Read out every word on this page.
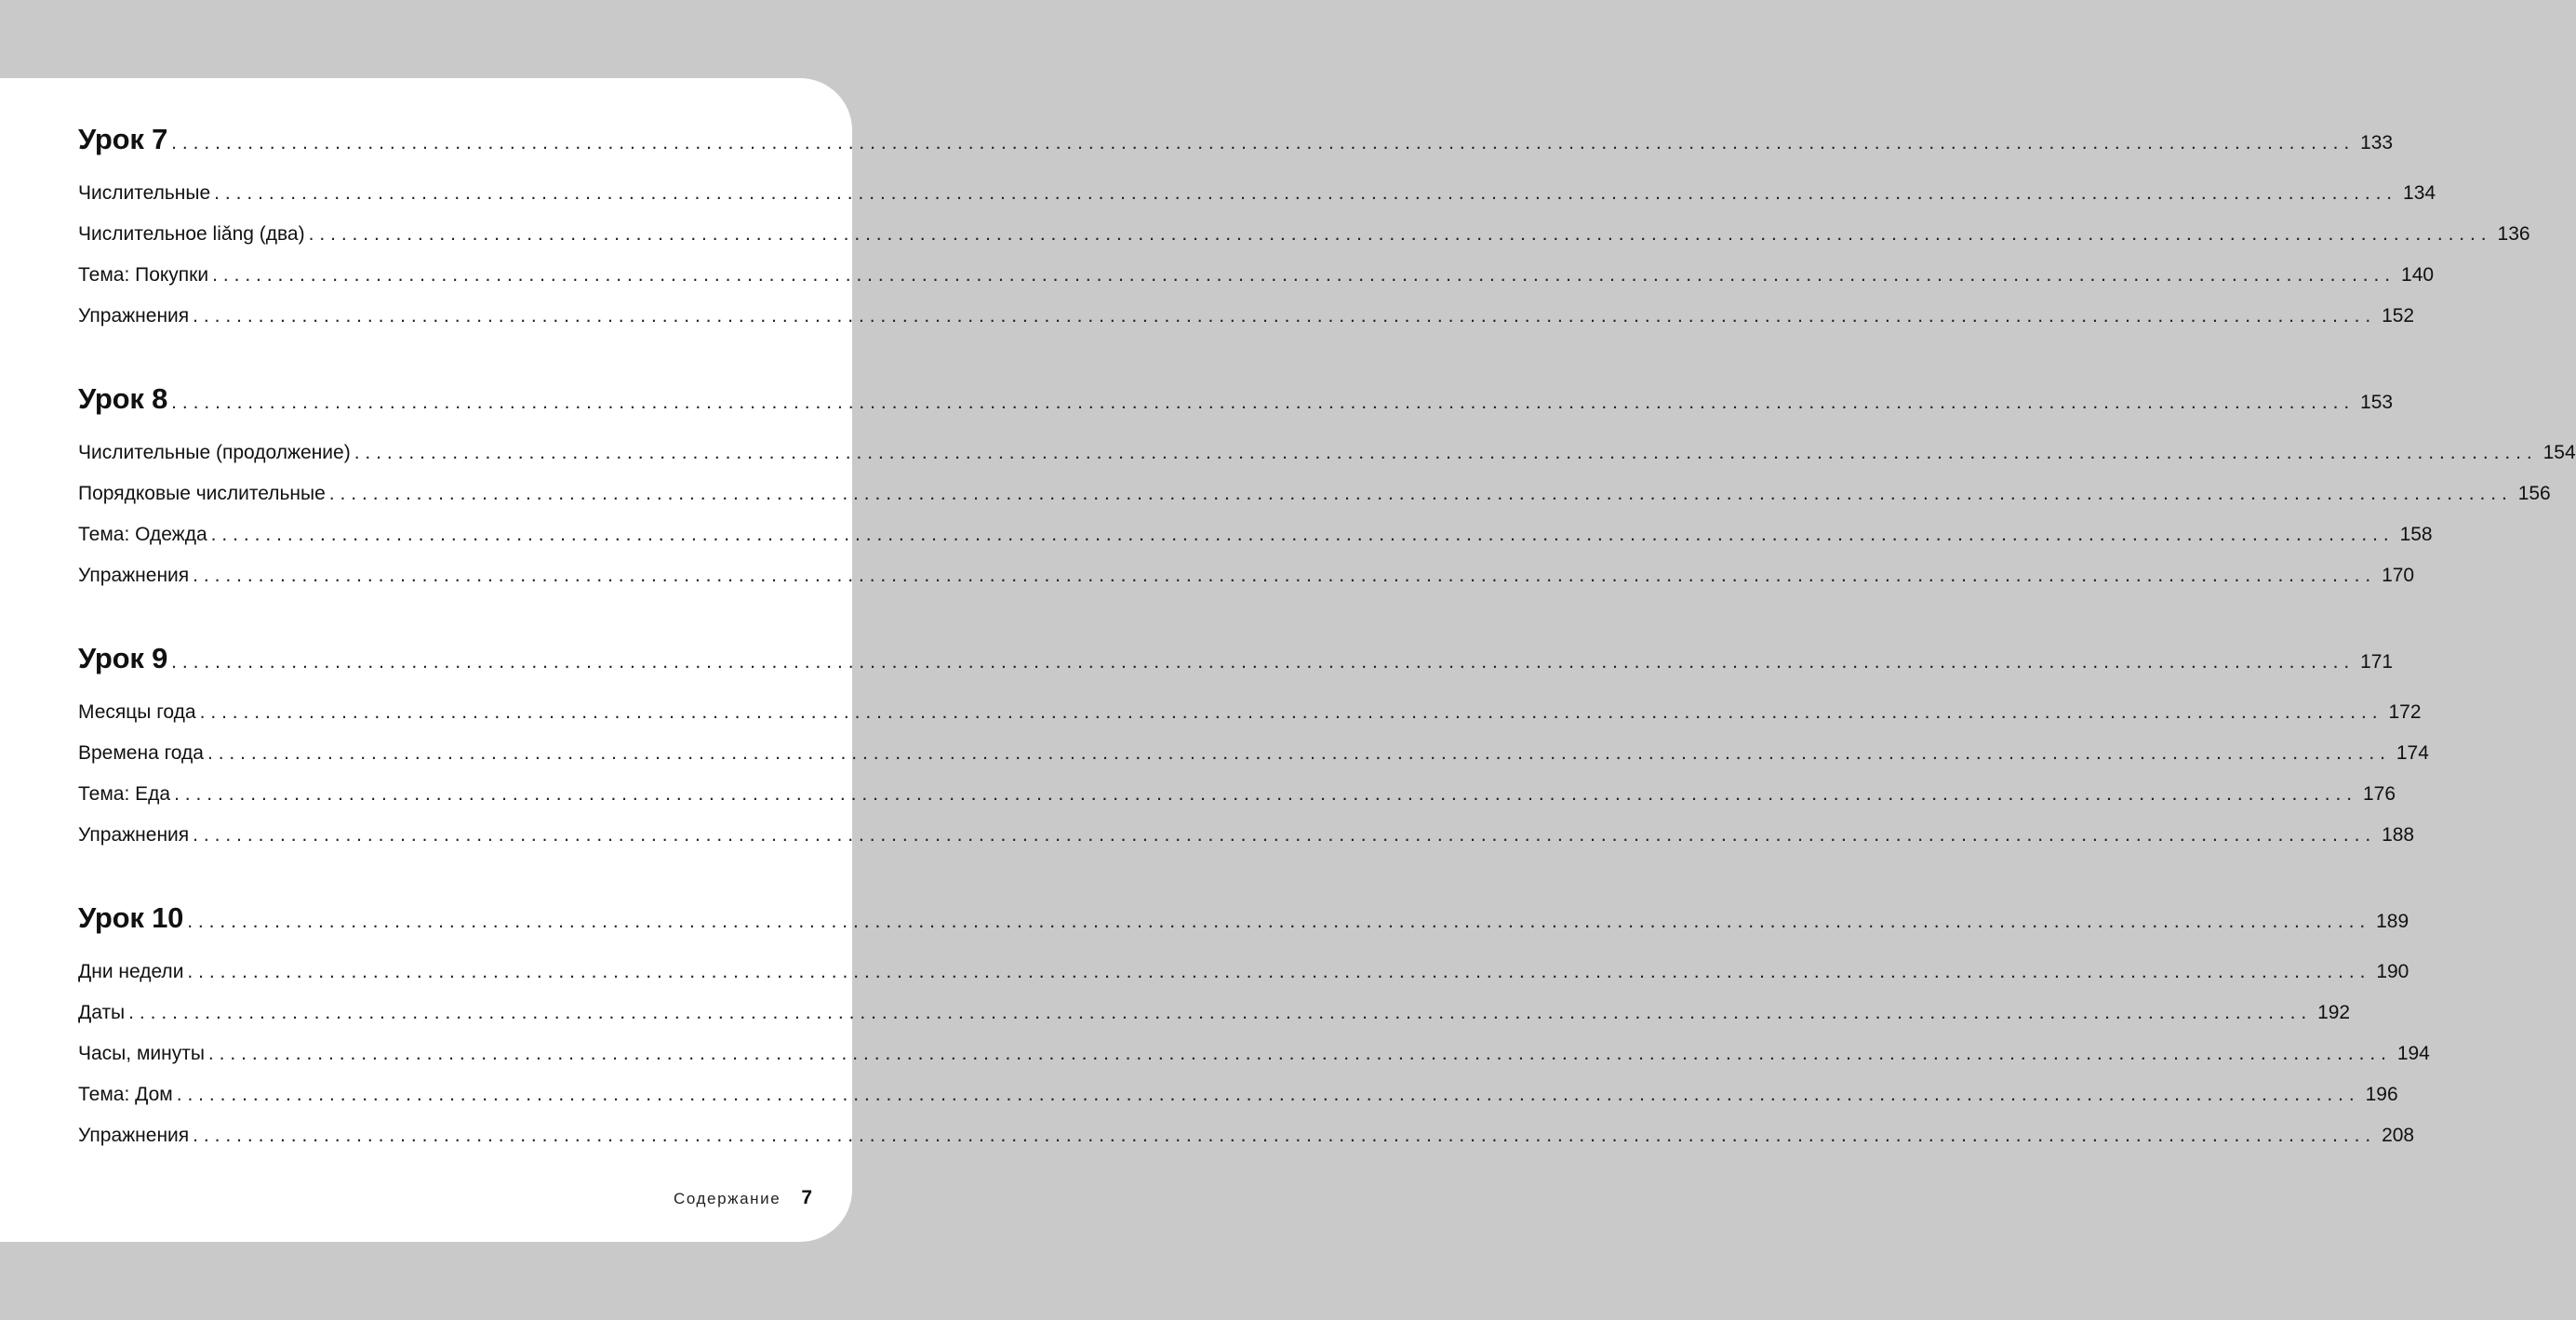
Урок 7 ........................................................................................................................................................................................................ 133
Числительные ........................................................................................................................................................................................................ 134
Числительное liǎng (два) ........................................................................................................................................................................................................ 136
Тема: Покупки ........................................................................................................................................................................................................ 140
Упражнения ........................................................................................................................................................................................................ 152
Урок 8 ........................................................................................................................................................................................................ 153
Числительные (продолжение) ........................................................................................................................................................................................................ 154
Порядковые числительные ........................................................................................................................................................................................................ 156
Тема: Одежда ........................................................................................................................................................................................................ 158
Упражнения ........................................................................................................................................................................................................ 170
Урок 9 ........................................................................................................................................................................................................ 171
Месяцы года ........................................................................................................................................................................................................ 172
Времена года ........................................................................................................................................................................................................ 174
Тема: Еда ........................................................................................................................................................................................................ 176
Упражнения ........................................................................................................................................................................................................ 188
Урок 10 ........................................................................................................................................................................................................ 189
Дни недели ........................................................................................................................................................................................................ 190
Даты ........................................................................................................................................................................................................ 192
Часы, минуты ........................................................................................................................................................................................................ 194
Тема: Дом ........................................................................................................................................................................................................ 196
Упражнения ........................................................................................................................................................................................................ 208
Содержание 7
